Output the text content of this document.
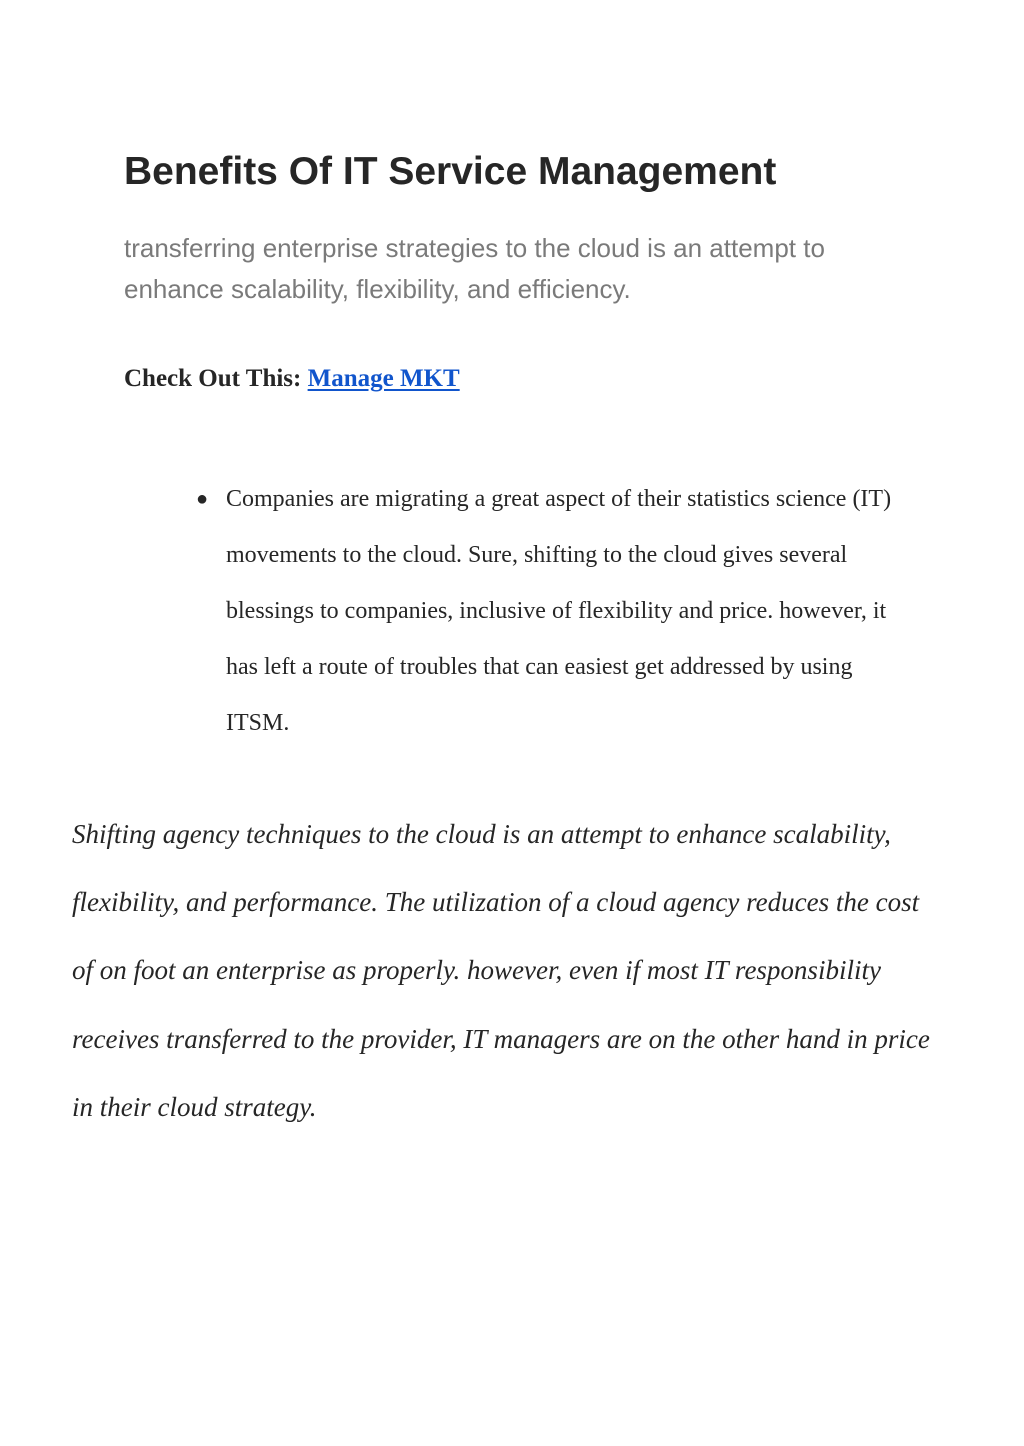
Benefits Of IT Service Management

transferring enterprise strategies to the cloud is an attempt to enhance scalability, flexibility, and efficiency.

Check Out This: Manage MKT

● Companies are migrating a great aspect of their statistics science (IT) movements to the cloud. Sure, shifting to the cloud gives several blessings to companies, inclusive of flexibility and price. however, it has left a route of troubles that can easiest get addressed by using ITSM.

Shifting agency techniques to the cloud is an attempt to enhance scalability, flexibility, and performance. The utilization of a cloud agency reduces the cost of on foot an enterprise as properly. however, even if most IT responsibility receives transferred to the provider, IT managers are on the other hand in price in their cloud strategy.
